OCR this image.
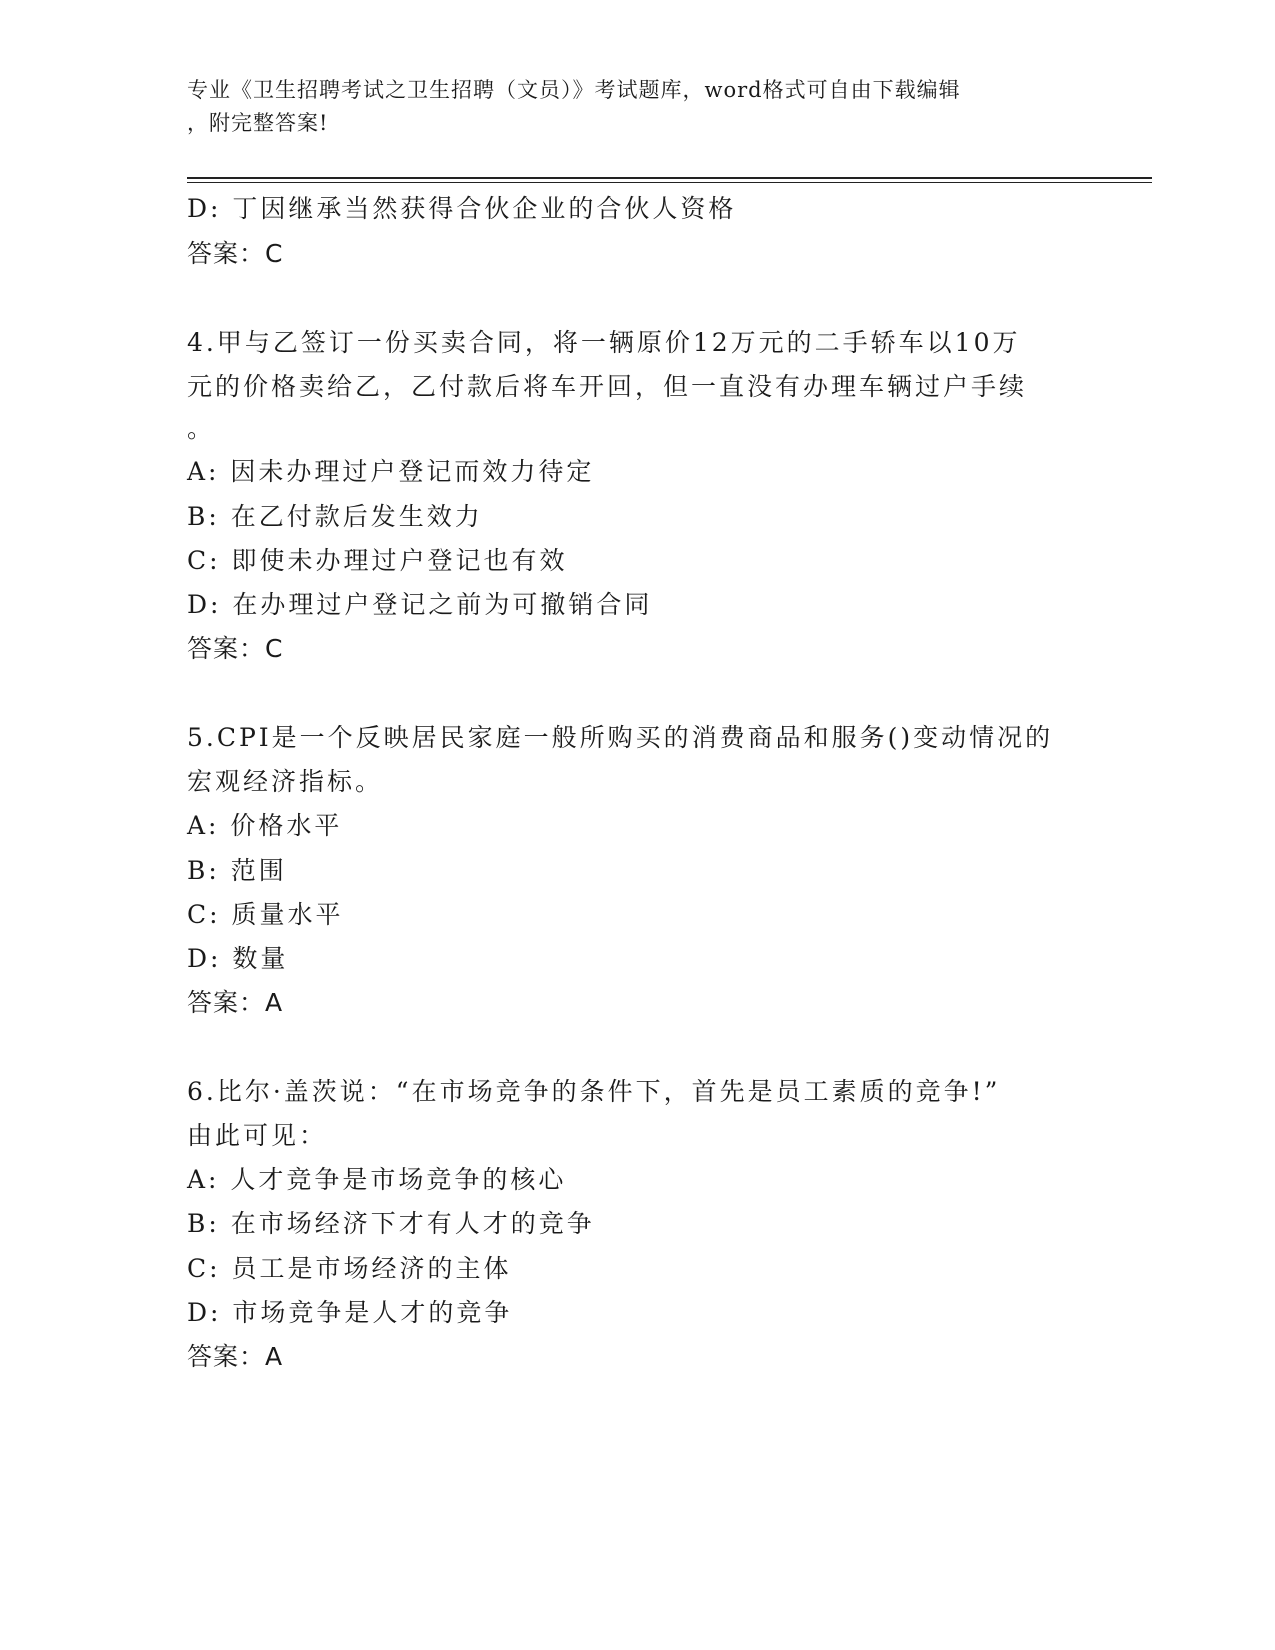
专业《卫生招聘考试之卫生招聘（文员）》考试题库，word格式可自由下载编辑
，附完整答案!
D: 丁因继承当然获得合伙企业的合伙人资格
答案：C
4.甲与乙签订一份买卖合同，将一辆原价12万元的二手轿车以10万
元的价格卖给乙，乙付款后将车开回，但一直没有办理车辆过户手续
。
A: 因未办理过户登记而效力待定
B: 在乙付款后发生效力
C: 即使未办理过户登记也有效
D: 在办理过户登记之前为可撤销合同
答案：C
5.CPI是一个反映居民家庭一般所购买的消费商品和服务()变动情况的
宏观经济指标。
A: 价格水平
B: 范围
C: 质量水平
D: 数量
答案：A
6.比尔·盖茨说：“在市场竞争的条件下，首先是员工素质的竞争!”
由此可见：
A: 人才竞争是市场竞争的核心
B: 在市场经济下才有人才的竞争
C: 员工是市场经济的主体
D: 市场竞争是人才的竞争
答案：A
